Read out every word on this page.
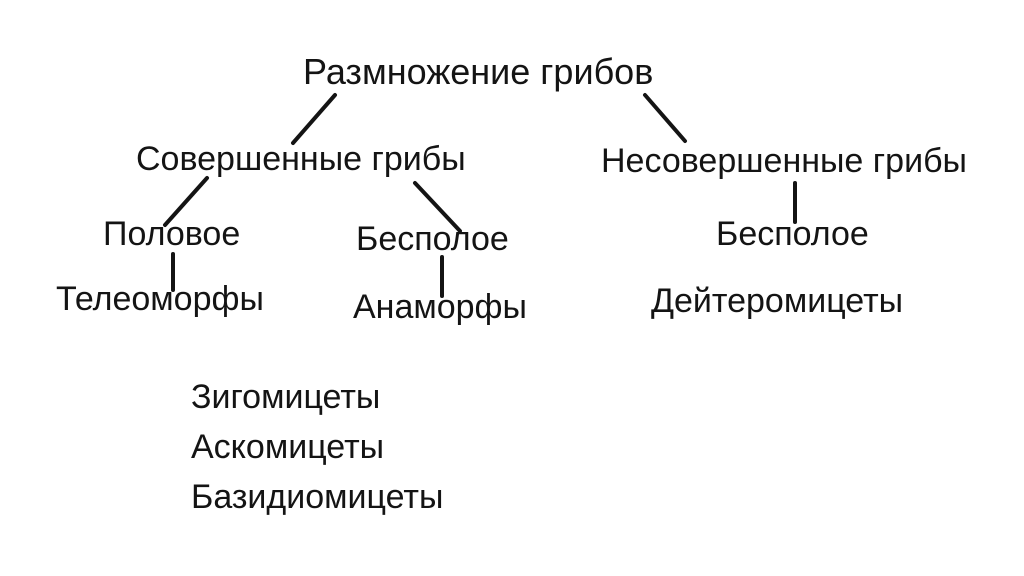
Размножение грибов
Совершенные грибы	Несовершенные грибы
Половое	Бесполое	Бесполое
Телеоморфы	Анаморфы	Дейтеромицеты
Зигомицеты
Аскомицеты
Базидиомицеты
